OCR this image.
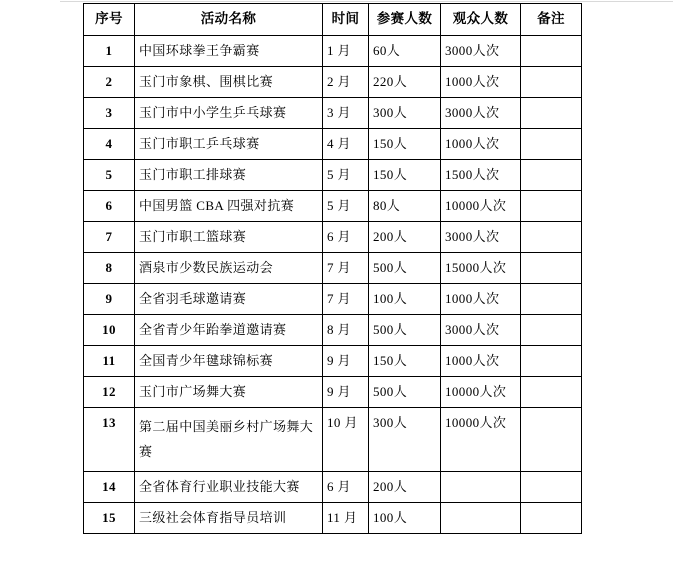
序号	活动名称	时间	参赛人数	观众人数	备注
1	中国环球拳王争霸赛	1 月	60人	3000人次	
2	玉门市象棋、围棋比赛	2 月	220人	1000人次	
3	玉门市中小学生乒乓球赛	3 月	300人	3000人次	
4	玉门市职工乒乓球赛	4 月	150人	1000人次	
5	玉门市职工排球赛	5 月	150人	1500人次	
6	中国男篮 CBA 四强对抗赛	5 月	80人	10000人次	
7	玉门市职工篮球赛	6 月	200人	3000人次	
8	酒泉市少数民族运动会	7 月	500人	15000人次	
9	全省羽毛球邀请赛	7 月	100人	1000人次	
10	全省青少年跆拳道邀请赛	8 月	500人	3000人次	
11	全国青少年毽球锦标赛	9 月	150人	1000人次	
12	玉门市广场舞大赛	9 月	500人	10000人次	
13	第二届中国美丽乡村广场舞大赛	10 月	300人	10000人次	
14	全省体育行业职业技能大赛	6 月	200人		
15	三级社会体育指导员培训	11 月	100人		
